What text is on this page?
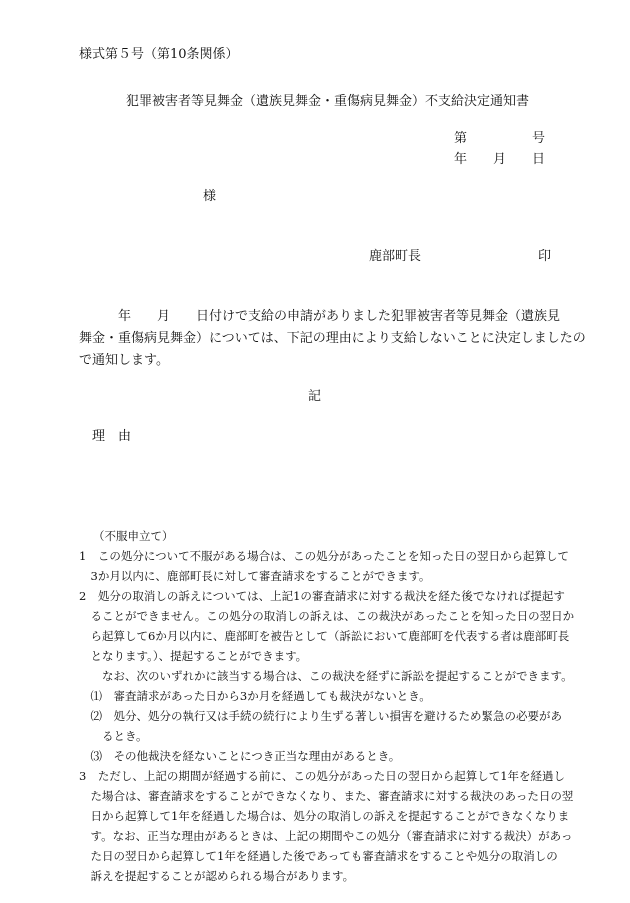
様式第５号（第10条関係）
犯罪被害者等見舞金（遺族見舞金・重傷病見舞金）不支給決定通知書
第　　　　　号
年　　月　　日
様
鹿部町長　　　　　　　　　印
　　　年　　月　　日付けで支給の申請がありました犯罪被害者等見舞金（遺族見
舞金・重傷病見舞金）については、下記の理由により支給しないことに決定しましたの
で通知します。
記
理　由
（不服申立て）
1　この処分について不服がある場合は、この処分があったことを知った日の翌日から起算して
　3か月以内に、鹿部町長に対して審査請求をすることができます。
2　処分の取消しの訴えについては、上記1の審査請求に対する裁決を経た後でなければ提起す
　ることができません。この処分の取消しの訴えは、この裁決があったことを知った日の翌日か
　ら起算して6か月以内に、鹿部町を被告として（訴訟において鹿部町を代表する者は鹿部町長
　となります。）、提起することができます。
　　なお、次のいずれかに該当する場合は、この裁決を経ずに訴訟を提起することができます。
　⑴　審査請求があった日から3か月を経過しても裁決がないとき。
　⑵　処分、処分の執行又は手続の続行により生ずる著しい損害を避けるため緊急の必要があ
　　るとき。
　⑶　その他裁決を経ないことにつき正当な理由があるとき。
3　ただし、上記の期間が経過する前に、この処分があった日の翌日から起算して1年を経過し
　た場合は、審査請求をすることができなくなり、また、審査請求に対する裁決のあった日の翌
　日から起算して1年を経過した場合は、処分の取消しの訴えを提起することができなくなりま
　す。なお、正当な理由があるときは、上記の期間やこの処分（審査請求に対する裁決）があっ
　た日の翌日から起算して1年を経過した後であっても審査請求をすることや処分の取消しの
　訴えを提起することが認められる場合があります。
